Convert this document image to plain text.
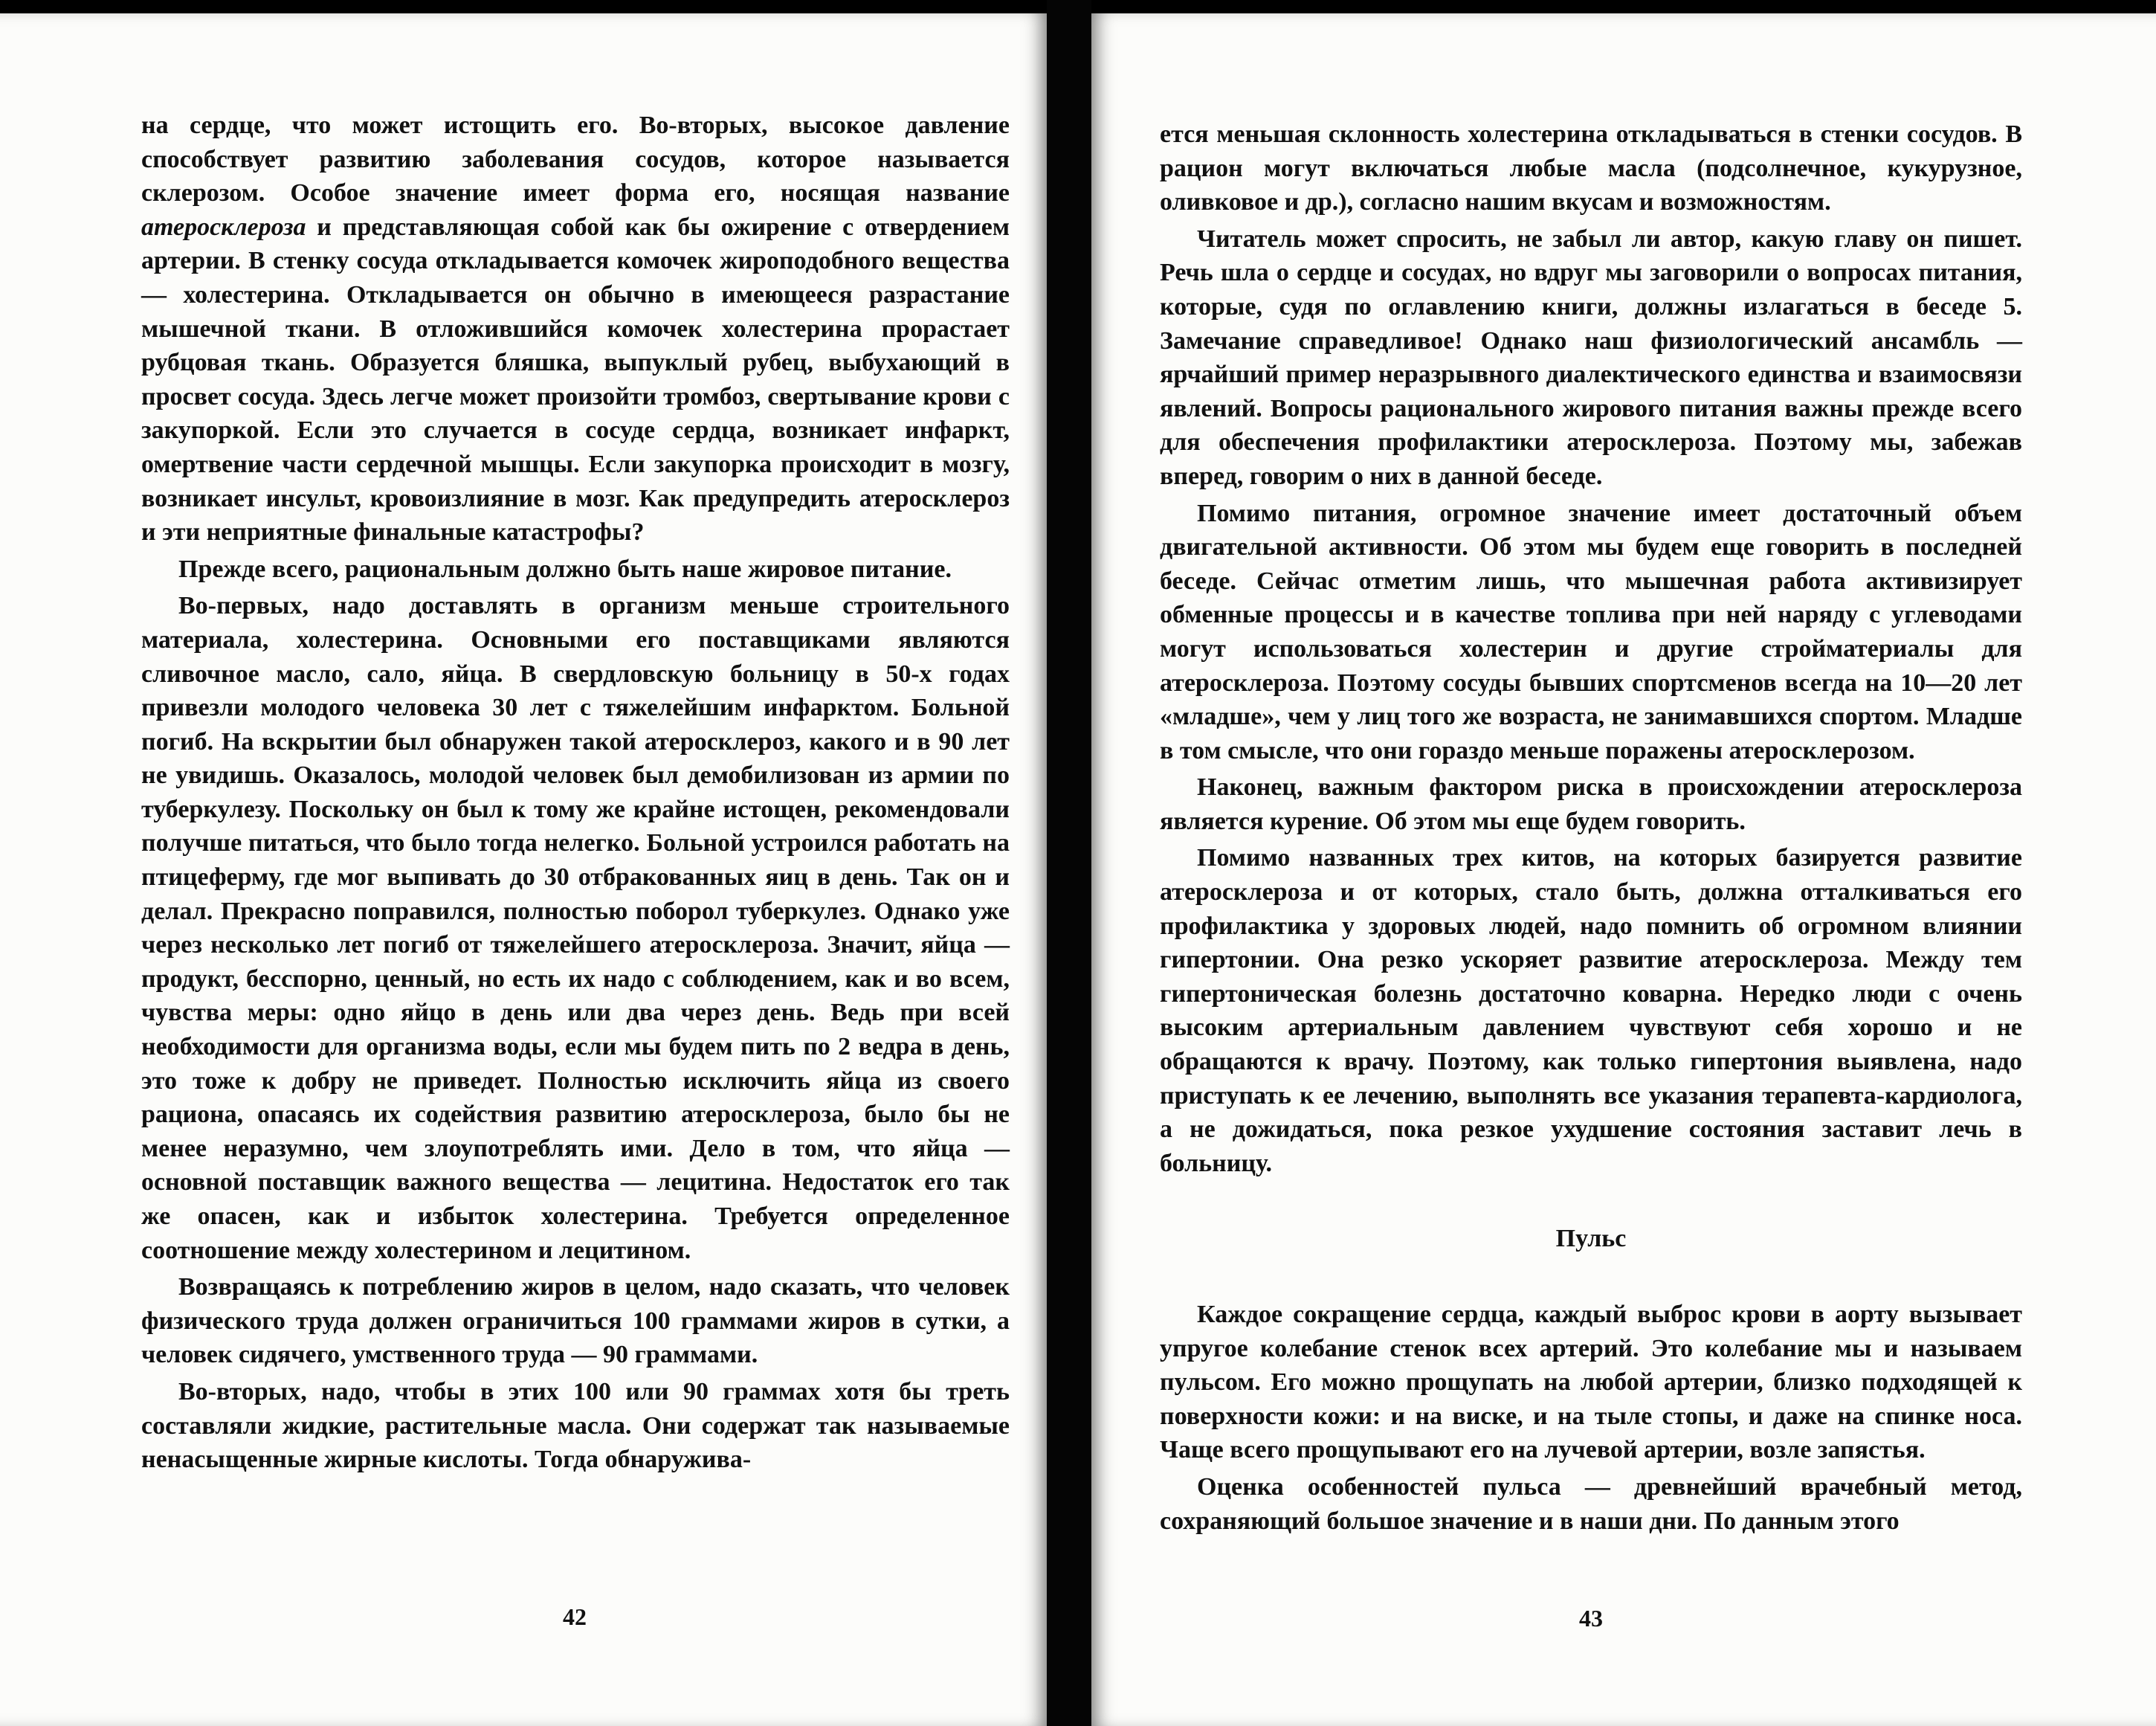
на сердце, что может истощить его. Во-вторых, высокое давление способствует развитию заболевания сосудов, которое называется склерозом. Особое значение имеет форма его, носящая название атеросклероза и представляющая собой как бы ожирение с отвердением артерии. В стенку сосуда откладывается комочек жироподобного вещества — холестерина. Откладывается он обычно в имеющееся разрастание мышечной ткани. В отложившийся комочек холестерина прорастает рубцовая ткань. Образуется бляшка, выпуклый рубец, выбухающий в просвет сосуда. Здесь легче может произойти тромбоз, свертывание крови с закупоркой. Если это случается в сосуде сердца, возникает инфаркт, омертвение части сердечной мышцы. Если закупорка происходит в мозгу, возникает инсульт, кровоизлияние в мозг. Как предупредить атеросклероз и эти неприятные финальные катастрофы?

Прежде всего, рациональным должно быть наше жировое питание.

Во-первых, надо доставлять в организм меньше строительного материала, холестерина. Основными его поставщиками являются сливочное масло, сало, яйца. В свердловскую больницу в 50-х годах привезли молодого человека 30 лет с тяжелейшим инфарктом. Больной погиб. На вскрытии был обнаружен такой атеросклероз, какого и в 90 лет не увидишь. Оказалось, молодой человек был демобилизован из армии по туберкулезу. Поскольку он был к тому же крайне истощен, рекомендовали получше питаться, что было тогда нелегко. Больной устроился работать на птицеферму, где мог выпивать до 30 отбракованных яиц в день. Так он и делал. Прекрасно поправился, полностью поборол туберкулез. Однако уже через несколько лет погиб от тяжелейшего атеросклероза. Значит, яйца — продукт, бесспорно, ценный, но есть их надо с соблюдением, как и во всем, чувства меры: одно яйцо в день или два через день. Ведь при всей необходимости для организма воды, если мы будем пить по 2 ведра в день, это тоже к добру не приведет. Полностью исключить яйца из своего рациона, опасаясь их содействия развитию атеросклероза, было бы не менее неразумно, чем злоупотреблять ими. Дело в том, что яйца — основной поставщик важного вещества — лецитина. Недостаток его так же опасен, как и избыток холестерина. Требуется определенное соотношение между холестерином и лецитином.

Возвращаясь к потреблению жиров в целом, надо сказать, что человек физического труда должен ограничиться 100 граммами жиров в сутки, а человек сидячего, умственного труда — 90 граммами.

Во-вторых, надо, чтобы в этих 100 или 90 граммах хотя бы треть составляли жидкие, растительные масла. Они содержат так называемые ненасыщенные жирные кислоты. Тогда обнаружива-

42

ется меньшая склонность холестерина откладываться в стенки сосудов. В рацион могут включаться любые масла (подсолнечное, кукурузное, оливковое и др.), согласно нашим вкусам и возможностям.

Читатель может спросить, не забыл ли автор, какую главу он пишет. Речь шла о сердце и сосудах, но вдруг мы заговорили о вопросах питания, которые, судя по оглавлению книги, должны излагаться в беседе 5. Замечание справедливое! Однако наш физиологический ансамбль — ярчайший пример неразрывного диалектического единства и взаимосвязи явлений. Вопросы рационального жирового питания важны прежде всего для обеспечения профилактики атеросклероза. Поэтому мы, забежав вперед, говорим о них в данной беседе.

Помимо питания, огромное значение имеет достаточный объем двигательной активности. Об этом мы будем еще говорить в последней беседе. Сейчас отметим лишь, что мышечная работа активизирует обменные процессы и в качестве топлива при ней наряду с углеводами могут использоваться холестерин и другие стройматериалы для атеросклероза. Поэтому сосуды бывших спортсменов всегда на 10—20 лет «младше», чем у лиц того же возраста, не занимавшихся спортом. Младше в том смысле, что они гораздо меньше поражены атеросклерозом.

Наконец, важным фактором риска в происхождении атеросклероза является курение. Об этом мы еще будем говорить.

Помимо названных трех китов, на которых базируется развитие атеросклероза и от которых, стало быть, должна отталкиваться его профилактика у здоровых людей, надо помнить об огромном влиянии гипертонии. Она резко ускоряет развитие атеросклероза. Между тем гипертоническая болезнь достаточно коварна. Нередко люди с очень высоким артериальным давлением чувствуют себя хорошо и не обращаются к врачу. Поэтому, как только гипертония выявлена, надо приступать к ее лечению, выполнять все указания терапевта-кардиолога, а не дожидаться, пока резкое ухудшение состояния заставит лечь в больницу.

Пульс

Каждое сокращение сердца, каждый выброс крови в аорту вызывает упругое колебание стенок всех артерий. Это колебание мы и называем пульсом. Его можно прощупать на любой артерии, близко подходящей к поверхности кожи: и на виске, и на тыле стопы, и даже на спинке носа. Чаще всего прощупывают его на лучевой артерии, возле запястья.

Оценка особенностей пульса — древнейший врачебный метод, сохраняющий большое значение и в наши дни. По данным этого

43
